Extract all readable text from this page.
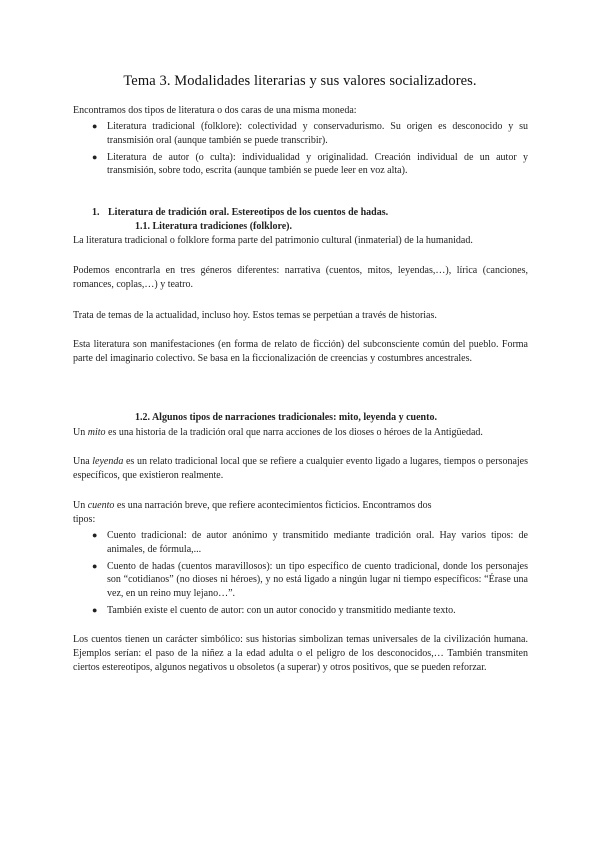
Tema 3. Modalidades literarias y sus valores socializadores.
Encontramos dos tipos de literatura o dos caras de una misma moneda:
● Literatura tradicional (folklore): colectividad y conservadurismo. Su origen es desconocido y su transmisión oral (aunque también se puede transcribir).
● Literatura de autor (o culta): individualidad y originalidad. Creación individual de un autor y transmisión, sobre todo, escrita (aunque también se puede leer en voz alta).
1. Literatura de tradición oral. Estereotipos de los cuentos de hadas.
1.1. Literatura tradiciones (folklore).
La literatura tradicional o folklore forma parte del patrimonio cultural (inmaterial) de la humanidad.
Podemos encontrarla en tres géneros diferentes: narrativa (cuentos, mitos, leyendas,…), lírica (canciones, romances, coplas,…) y teatro.
Trata de temas de la actualidad, incluso hoy. Estos temas se perpetúan a través de historias.
Esta literatura son manifestaciones (en forma de relato de ficción) del subconsciente común del pueblo. Forma parte del imaginario colectivo. Se basa en la ficcionalización de creencias y costumbres ancestrales.
1.2. Algunos tipos de narraciones tradicionales: mito, leyenda y cuento.
Un mito es una historia de la tradición oral que narra acciones de los dioses o héroes de la Antigüedad.
Una leyenda es un relato tradicional local que se refiere a cualquier evento ligado a lugares, tiempos o personajes específicos, que existieron realmente.
Un cuento es una narración breve, que refiere acontecimientos ficticios. Encontramos dos
tipos:
● Cuento tradicional: de autor anónimo y transmitido mediante tradición oral. Hay varios tipos: de animales, de fórmula,...
● Cuento de hadas (cuentos maravillosos): un tipo específico de cuento tradicional, donde los personajes son “cotidianos” (no dioses ni héroes), y no está ligado a ningún lugar ni tiempo específicos: “Érase una vez, en un reino muy lejano…”.
● También existe el cuento de autor: con un autor conocido y transmitido mediante texto.
Los cuentos tienen un carácter simbólico: sus historias simbolizan temas universales de la civilización humana. Ejemplos serían: el paso de la niñez a la edad adulta o el peligro de los desconocidos,… También transmiten ciertos estereotipos, algunos negativos u obsoletos (a superar) y otros positivos, que se pueden reforzar.
